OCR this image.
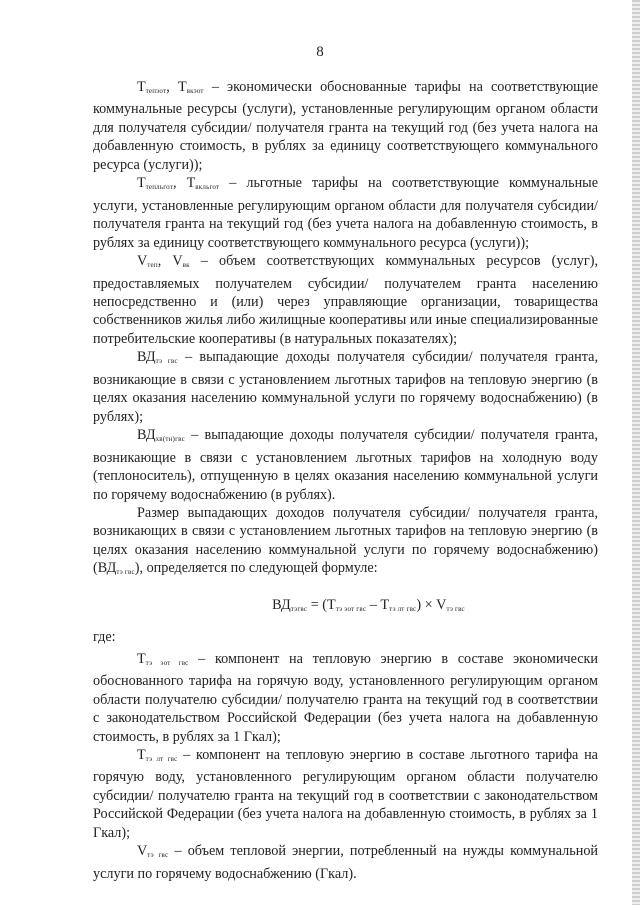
8

$T_{тепэот}$, $T_{вкэот}$ – экономически обоснованные тарифы на соответствующие коммунальные ресурсы (услуги), установленные регулирующим органом области для получателя субсидии/ получателя гранта на текущий год (без учета налога на добавленную стоимость, в рублях за единицу соответствующего коммунального ресурса (услуги));

$T_{тепльгот}$, $T_{вкльгот}$ – льготные тарифы на соответствующие коммунальные услуги, установленные регулирующим органом области для получателя субсидии/ получателя гранта на текущий год (без учета налога на добавленную стоимость, в рублях за единицу соответствующего коммунального ресурса (услуги));

$V_{теп}$, $V_{вк}$ – объем соответствующих коммунальных ресурсов (услуг), предоставляемых получателем субсидии/ получателем гранта населению непосредственно и (или) через управляющие организации, товарищества собственников жилья либо жилищные кооперативы или иные специализированные потребительские кооперативы (в натуральных показателях);

$ВД_{тэ гвс}$ – выпадающие доходы получателя субсидии/ получателя гранта, возникающие в связи с установлением льготных тарифов на тепловую энергию (в целях оказания населению коммунальной услуги по горячему водоснабжению) (в рублях);

$ВД_{хв(тн)гвс}$ – выпадающие доходы получателя субсидии/ получателя гранта, возникающие в связи с установлением льготных тарифов на холодную воду (теплоноситель), отпущенную в целях оказания населению коммунальной услуги по горячему водоснабжению (в рублях).

Размер выпадающих доходов получателя субсидии/ получателя гранта, возникающих в связи с установлением льготных тарифов на тепловую энергию (в целях оказания населению коммунальной услуги по горячему водоснабжению) $(ВД_{тэ гвс})$, определяется по следующей формуле:

$ВД_{тэгвс} = (T_{тэ эот гвс} - T_{тэ лт гвс}) \times V_{тэ гвс}$

где:

$T_{тэ эот гвс}$ – компонент на тепловую энергию в составе экономически обоснованного тарифа на горячую воду, установленного регулирующим органом области получателю субсидии/ получателю гранта на текущий год в соответствии с законодательством Российской Федерации (без учета налога на добавленную стоимость, в рублях за 1 Гкал);

$T_{тэ лт гвс}$ – компонент на тепловую энергию в составе льготного тарифа на горячую воду, установленного регулирующим органом области получателю субсидии/ получателю гранта на текущий год в соответствии с законодательством Российской Федерации (без учета налога на добавленную стоимость, в рублях за 1 Гкал);

$V_{тэ гвс}$ – объем тепловой энергии, потребленный на нужды коммунальной услуги по горячему водоснабжению (Гкал).
